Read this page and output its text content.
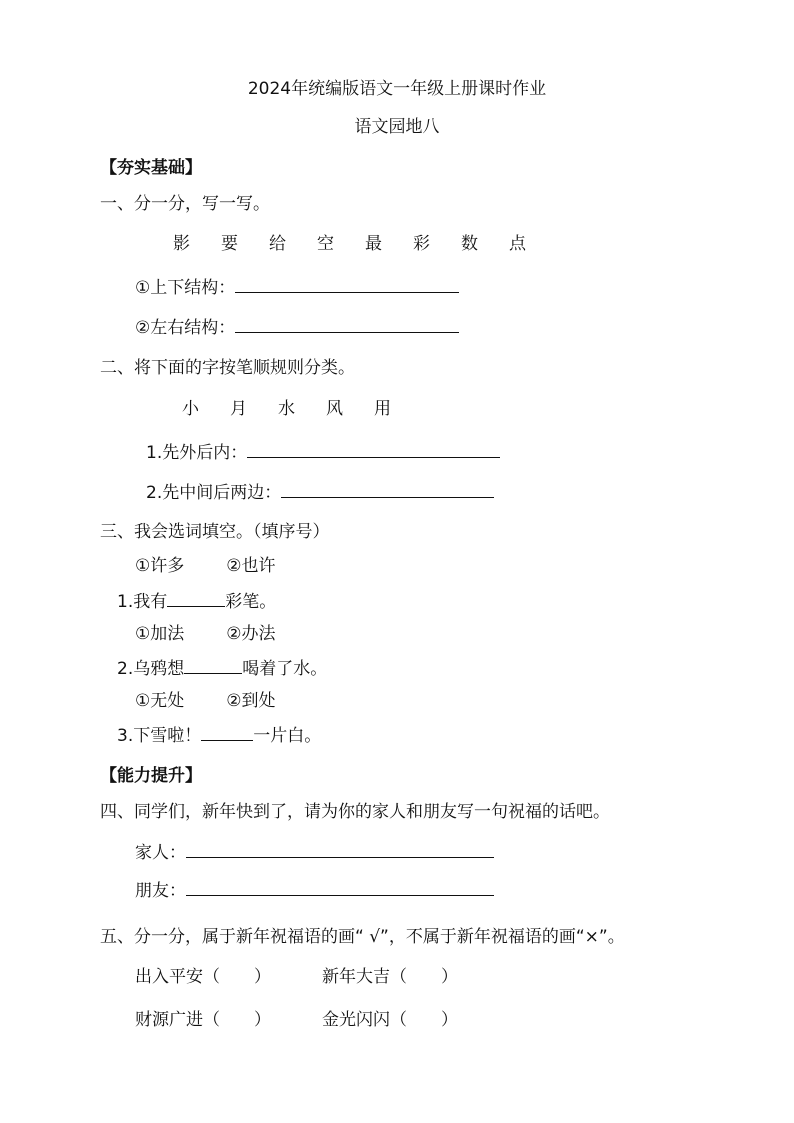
2024年统编版语文一年级上册课时作业
语文园地八
【夯实基础】
一、分一分，写一写。
影 要 给 空 最 彩 数 点
①上下结构：
②左右结构：
二、将下面的字按笔顺规则分类。
小 月 水 风 用
1.先外后内：
2.先中间后两边：
三、我会选词填空。（填序号）
①许多 ②也许
1.我有	彩笔。
①加法 ②办法
2.乌鸦想	喝着了水。
①无处 ②到处
3.下雪啦！	一片白。
【能力提升】
四、同学们，新年快到了，请为你的家人和朋友写一句祝福的话吧。
家人：
朋友：
五、分一分，属于新年祝福语的画“ √”，不属于新年祝福语的画“×”。
出入平安（　　）	新年大吉（　　）
财源广进（　　）	金光闪闪（　　）
